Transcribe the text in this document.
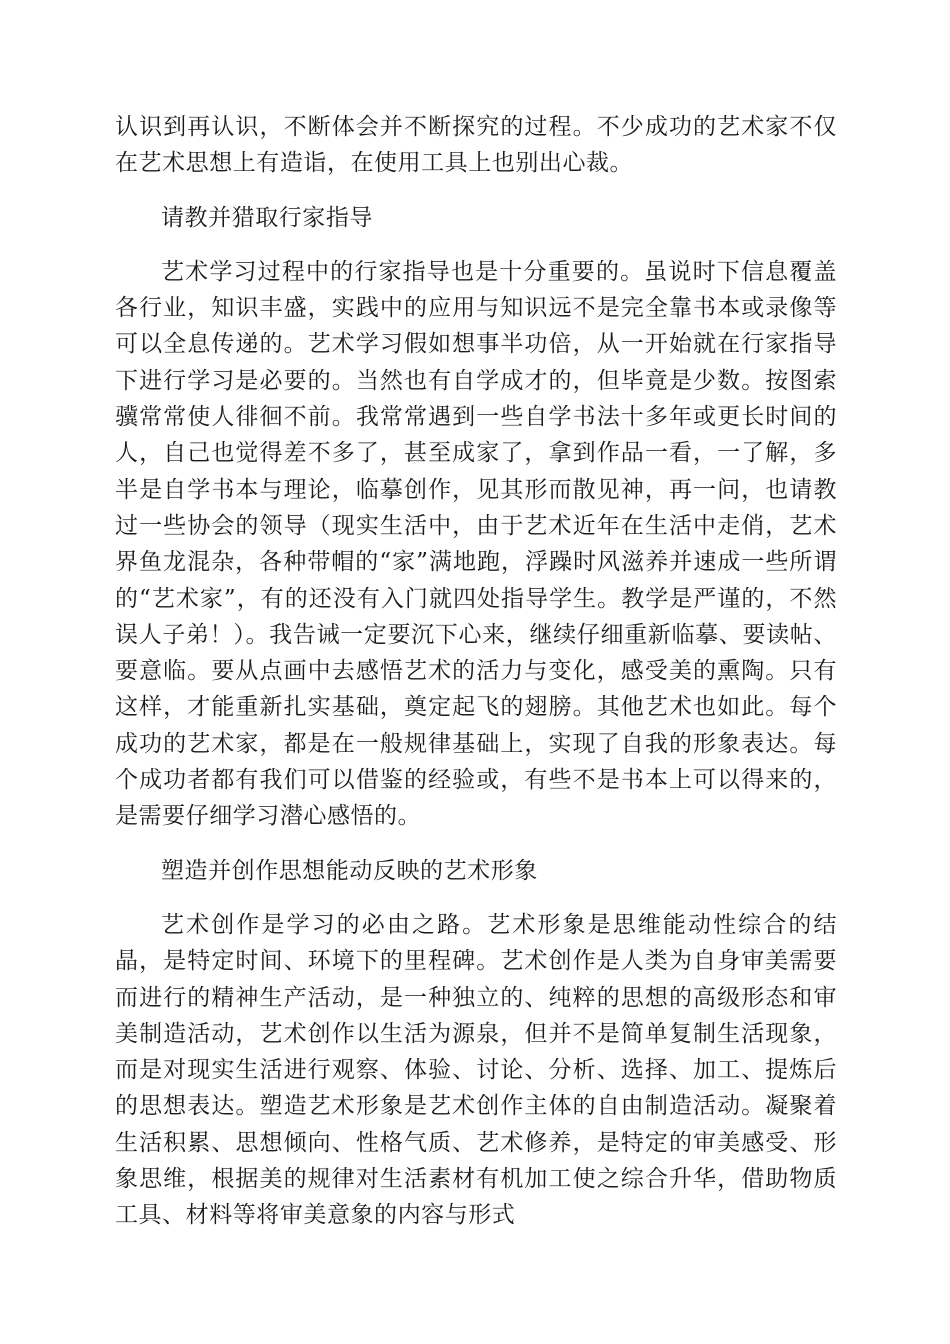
认识到再认识，不断体会并不断探究的过程。不少成功的艺术家不仅在艺术思想上有造诣，在使用工具上也别出心裁。

请教并猎取行家指导

艺术学习过程中的行家指导也是十分重要的。虽说时下信息覆盖各行业，知识丰盛，实践中的应用与知识远不是完全靠书本或录像等可以全息传递的。艺术学习假如想事半功倍，从一开始就在行家指导下进行学习是必要的。当然也有自学成才的，但毕竟是少数。按图索骥常常使人徘徊不前。我常常遇到一些自学书法十多年或更长时间的人，自己也觉得差不多了，甚至成家了，拿到作品一看，一了解，多半是自学书本与理论，临摹创作，见其形而散见神，再一问，也请教过一些协会的领导（现实生活中，由于艺术近年在生活中走俏，艺术界鱼龙混杂，各种带帽的“家”满地跑，浮躁时风滋养并速成一些所谓的“艺术家”，有的还没有入门就四处指导学生。教学是严谨的，不然误人子弟！）。我告诫一定要沉下心来，继续仔细重新临摹、要读帖、要意临。要从点画中去感悟艺术的活力与变化，感受美的熏陶。只有这样，才能重新扎实基础，奠定起飞的翅膀。其他艺术也如此。每个成功的艺术家，都是在一般规律基础上，实现了自我的形象表达。每个成功者都有我们可以借鉴的经验或，有些不是书本上可以得来的，是需要仔细学习潜心感悟的。

塑造并创作思想能动反映的艺术形象

艺术创作是学习的必由之路。艺术形象是思维能动性综合的结晶，是特定时间、环境下的里程碑。艺术创作是人类为自身审美需要而进行的精神生产活动，是一种独立的、纯粹的思想的高级形态和审美制造活动，艺术创作以生活为源泉，但并不是简单复制生活现象，而是对现实生活进行观察、体验、讨论、分析、选择、加工、提炼后的思想表达。塑造艺术形象是艺术创作主体的自由制造活动。凝聚着生活积累、思想倾向、性格气质、艺术修养，是特定的审美感受、形象思维，根据美的规律对生活素材有机加工使之综合升华，借助物质工具、材料等将审美意象的内容与形式
